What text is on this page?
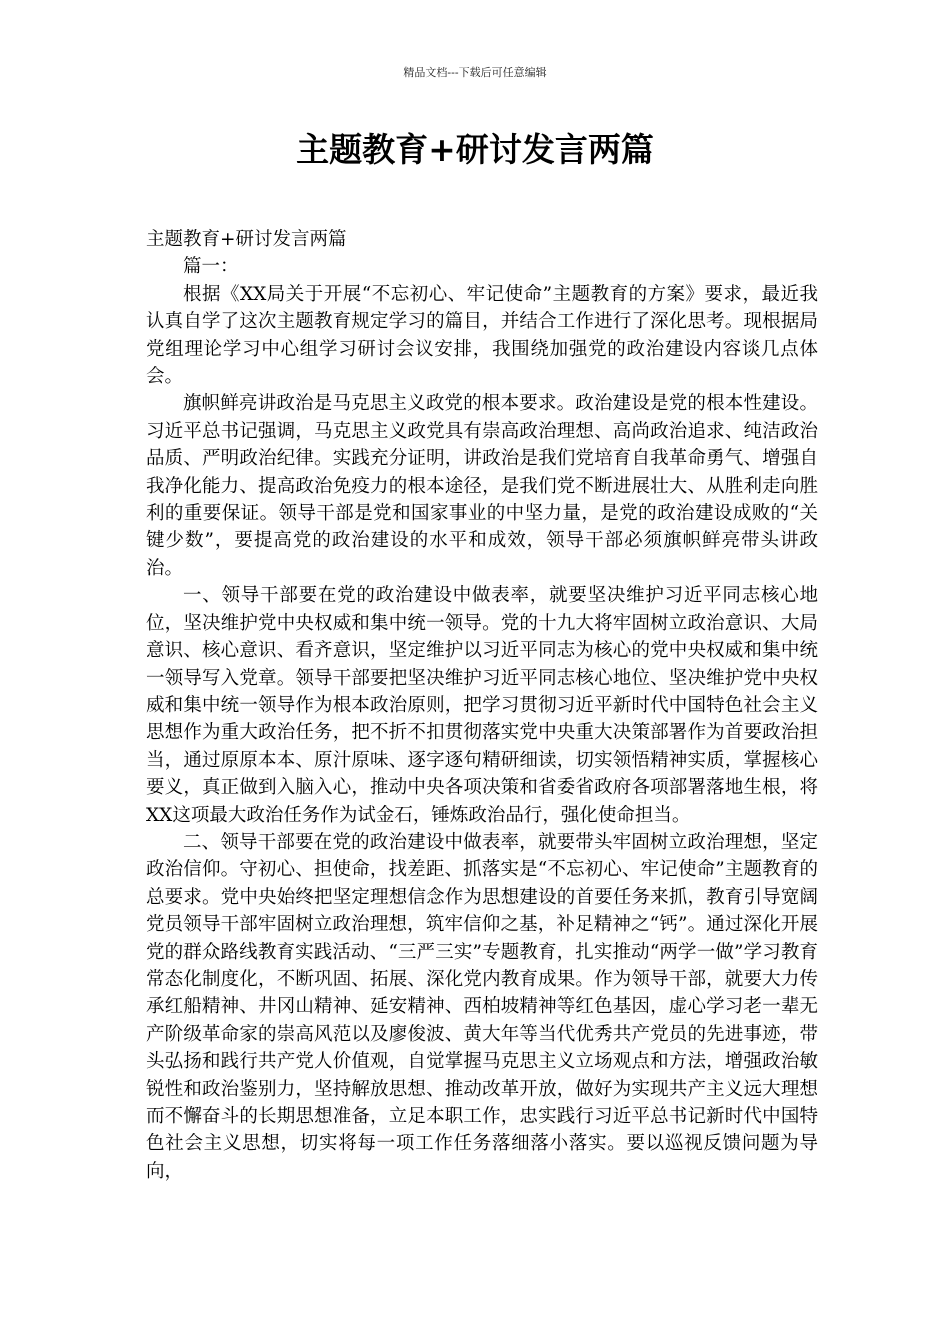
精品文档---下载后可任意编辑
主题教育+研讨发言两篇

主题教育+研讨发言两篇

篇一：

根据《XX局关于开展“不忘初心、牢记使命”主题教育的方案》要求，最近我认真自学了这次主题教育规定学习的篇目，并结合工作进行了深化思考。现根据局党组理论学习中心组学习研讨会议安排，我围绕加强党的政治建设内容谈几点体会。

旗帜鲜亮讲政治是马克思主义政党的根本要求。政治建设是党的根本性建设。习近平总书记强调，马克思主义政党具有崇高政治理想、高尚政治追求、纯洁政治品质、严明政治纪律。实践充分证明，讲政治是我们党培育自我革命勇气、增强自我净化能力、提高政治免疫力的根本途径，是我们党不断进展壮大、从胜利走向胜利的重要保证。领导干部是党和国家事业的中坚力量，是党的政治建设成败的“关键少数”，要提高党的政治建设的水平和成效，领导干部必须旗帜鲜亮带头讲政治。

一、领导干部要在党的政治建设中做表率，就要坚决维护习近平同志核心地位，坚决维护党中央权威和集中统一领导。党的十九大将牢固树立政治意识、大局意识、核心意识、看齐意识，坚定维护以习近平同志为核心的党中央权威和集中统一领导写入党章。领导干部要把坚决维护习近平同志核心地位、坚决维护党中央权威和集中统一领导作为根本政治原则，把学习贯彻习近平新时代中国特色社会主义思想作为重大政治任务，把不折不扣贯彻落实党中央重大决策部署作为首要政治担当，通过原原本本、原汁原味、逐字逐句精研细读，切实领悟精神实质，掌握核心要义，真正做到入脑入心，推动中央各项决策和省委省政府各项部署落地生根，将XX这项最大政治任务作为试金石，锤炼政治品行，强化使命担当。

二、领导干部要在党的政治建设中做表率，就要带头牢固树立政治理想，坚定政治信仰。守初心、担使命，找差距、抓落实是“不忘初心、牢记使命”主题教育的总要求。党中央始终把坚定理想信念作为思想建设的首要任务来抓，教育引导宽阔党员领导干部牢固树立政治理想，筑牢信仰之基，补足精神之“钙”。通过深化开展党的群众路线教育实践活动、“三严三实”专题教育，扎实推动“两学一做”学习教育常态化制度化，不断巩固、拓展、深化党内教育成果。作为领导干部，就要大力传承红船精神、井冈山精神、延安精神、西柏坡精神等红色基因，虚心学习老一辈无产阶级革命家的崇高风范以及廖俊波、黄大年等当代优秀共产党员的先进事迹，带头弘扬和践行共产党人价值观，自觉掌握马克思主义立场观点和方法，增强政治敏锐性和政治鉴别力，坚持解放思想、推动改革开放，做好为实现共产主义远大理想而不懈奋斗的长期思想准备，立足本职工作，忠实践行习近平总书记新时代中国特色社会主义思想，切实将每一项工作任务落细落小落实。要以巡视反馈问题为导向，
